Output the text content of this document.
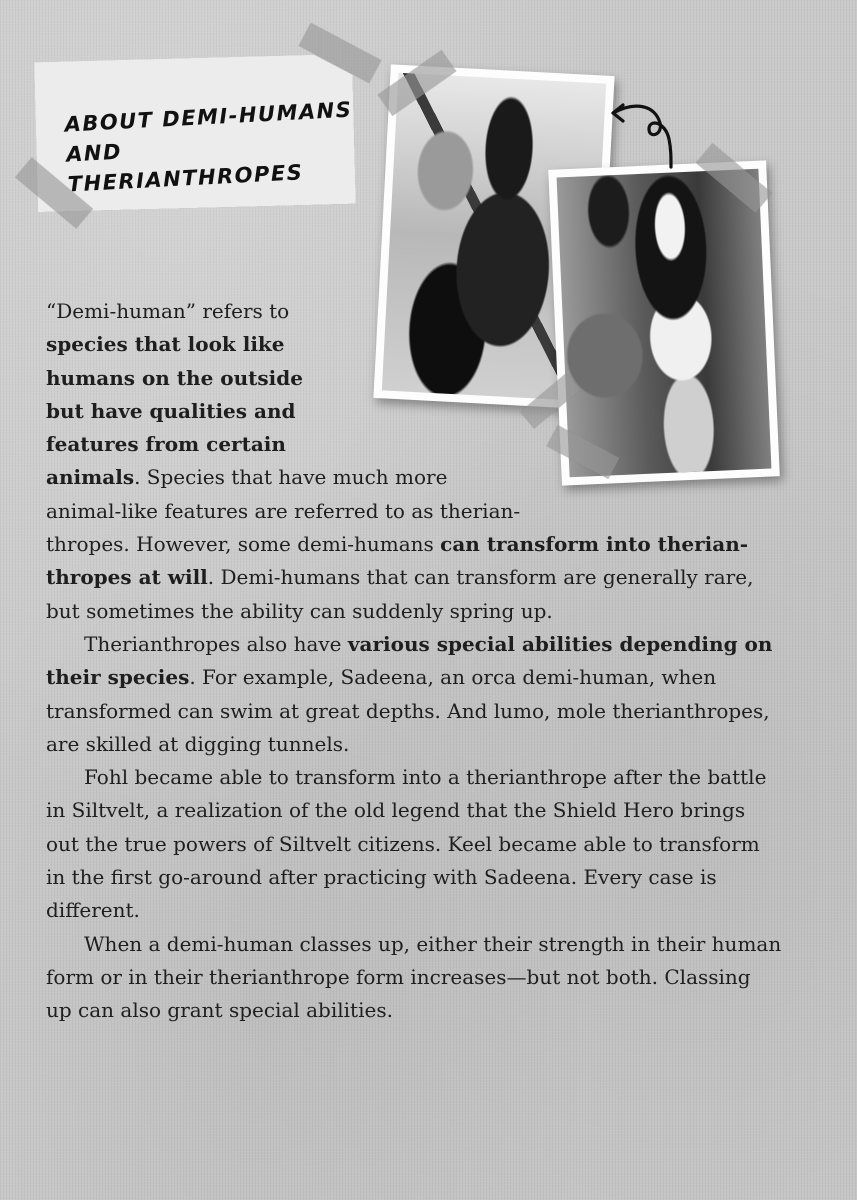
ABOUT DEMI-HUMANS
AND THERIANTHROPES

“Demi-human” refers to

species that look like

humans on the outside

but have qualities and

features from certain

animals. Species that have much more

animal-like features are referred to as therian-

thropes. However, some demi-humans can transform into therian-

thropes at will. Demi-humans that can transform are generally rare,

but sometimes the ability can suddenly spring up.

Therianthropes also have various special abilities depending on

their species. For example, Sadeena, an orca demi-human, when

transformed can swim at great depths. And lumo, mole therianthropes,

are skilled at digging tunnels.

Fohl became able to transform into a therianthrope after the battle

in Siltvelt, a realization of the old legend that the Shield Hero brings

out the true powers of Siltvelt citizens. Keel became able to transform

in the first go-around after practicing with Sadeena. Every case is

different.

When a demi-human classes up, either their strength in their human

form or in their therianthrope form increases—but not both. Classing

up can also grant special abilities.
